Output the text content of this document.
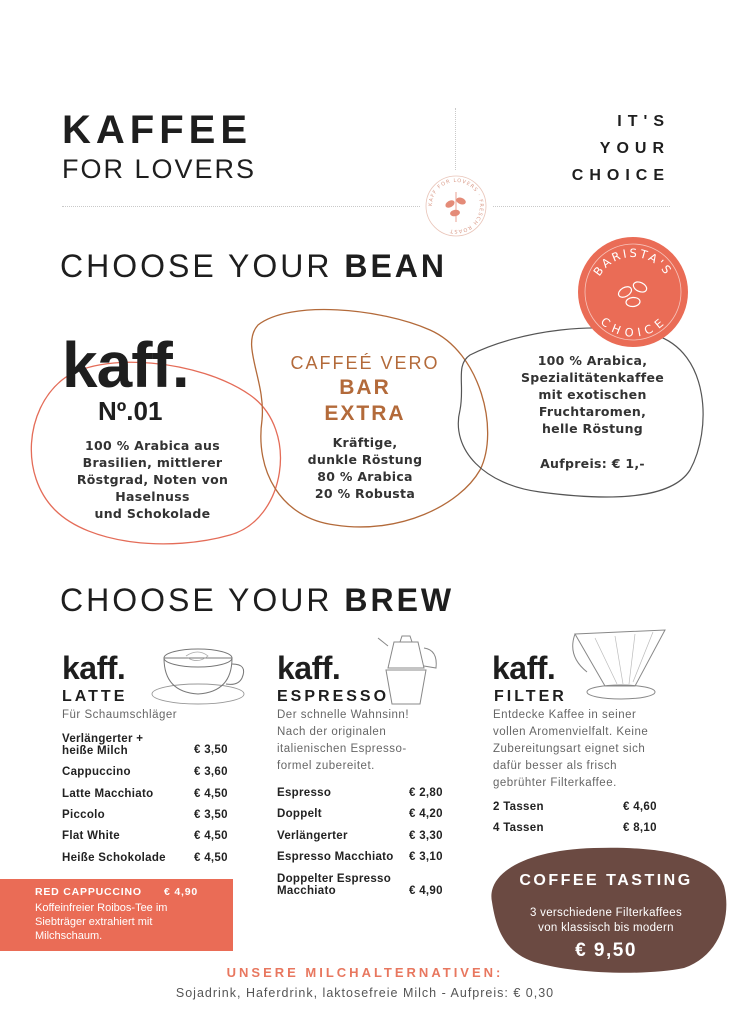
KAFFEE
FOR LOVERS
IT'S
YOUR
CHOICE
KAFF FOR LOVERS · FRESCH ROAST
CHOOSE YOUR BEAN
kaff.
Nº.01
100 % Arabica aus
Brasilien, mittlerer
Röstgrad, Noten von
Haselnuss
und Schokolade
CAFFEÉ VERO
BAR
EXTRA
Kräftige,
dunkle Röstung
80 % Arabica
20 % Robusta
BARISTA'S
CHOICE
100 % Arabica,
Spezialitätenkaffee
mit exotischen
Fruchtaromen,
helle Röstung
Aufpreis: € 1,-
CHOOSE YOUR BREW
kaff.
LATTE
Für Schaumschläger
Verlängerter +
heiße Milch	€ 3,50
Cappuccino	€ 3,60
Latte Macchiato	€ 4,50
Piccolo	€ 3,50
Flat White	€ 4,50
Heiße Schokolade € 4,50
kaff.
ESPRESSO
Der schnelle Wahnsinn!
Nach der originalen
italienischen Espresso-
formel zubereitet.
Espresso	€ 2,80
Doppelt	€ 4,20
Verlängerter	€ 3,30
Espresso Macchiato € 3,10
Doppelter Espresso
Macchiato	€ 4,90
kaff.
FILTER
Entdecke Kaffee in seiner
vollen Aromenvielfalt. Keine
Zubereitungsart eignet sich
dafür besser als frisch
gebrühter Filterkaffee.
2 Tassen	€ 4,60
4 Tassen	€ 8,10
RED CAPPUCCINO € 4,90
Koffeinfreier Roibos-Tee im
Siebträger extrahiert mit
Milchschaum.
COFFEE TASTING
3 verschiedene Filterkaffees
von klassisch bis modern
€ 9,50
UNSERE MILCHALTERNATIVEN:
Sojadrink, Haferdrink, laktosefreie Milch - Aufpreis: € 0,30
